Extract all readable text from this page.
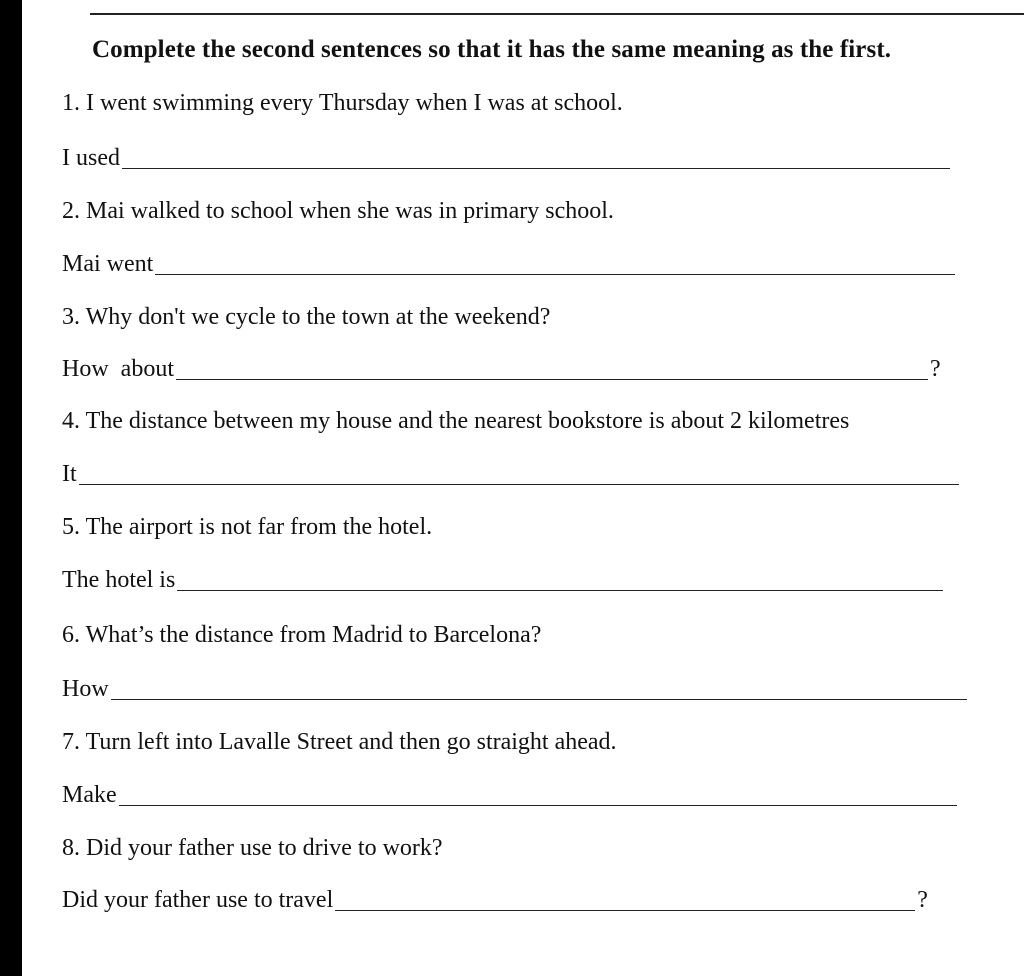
Complete the second sentences so that it has the same meaning as the first.
1. I went swimming every Thursday when I was at school.
I used
2. Mai walked to school when she was in primary school.
Mai went
3. Why don't we cycle to the town at the weekend?
How  about	?
4. The distance between my house and the nearest bookstore is about 2 kilometres
It
5. The airport is not far from the hotel.
The hotel is
6. What’s the distance from Madrid to Barcelona?
How
7. Turn left into Lavalle Street and then go straight ahead.
Make
8. Did your father use to drive to work?
Did your father use to travel	?
